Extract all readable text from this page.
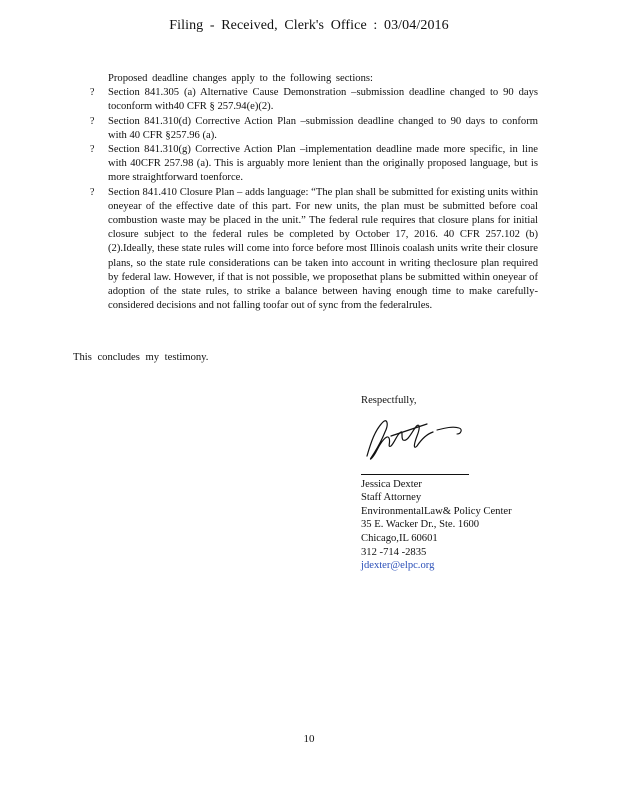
Filing - Received, Clerk's Office : 03/04/2016
Proposed deadline changes apply to the following sections:
?	Section 841.305 (a) Alternative Cause Demonstration –submission deadline changed to 90 days toconform with40 CFR § 257.94(e)(2).
?	Section 841.310(d) Corrective Action Plan –submission deadline changed to 90 days to conform with 40 CFR §257.96 (a).
?	Section 841.310(g) Corrective Action Plan –implementation deadline made more specific, in line with 40CFR 257.98 (a). This is arguably more lenient than the originally proposed language, but is more straightforward toenforce.
?	Section 841.410 Closure Plan – adds language: “The plan shall be submitted for existing units within oneyear of the effective date of this part. For new units, the plan must be submitted before coal combustion waste may be placed in the unit.” The federal rule requires that closure plans for initial closure subject to the federal rules be completed by October 17, 2016. 40 CFR 257.102 (b)(2).Ideally, these state rules will come into force before most Illinois coalash units write their closure plans, so the state rule considerations can be taken into account in writing theclosure plan required by federal law. However, if that is not possible, we proposethat plans be submitted within oneyear of adoption of the state rules, to strike a balance between having enough time to make carefully-considered decisions and not falling toofar out of sync from the federalrules.
This concludes my testimony.
Respectfully,
Jessica Dexter
Staff Attorney
EnvironmentalLaw& Policy Center
35 E. Wacker Dr., Ste. 1600
Chicago,IL 60601
312 -714 -2835
jdexter@elpc.org
10
